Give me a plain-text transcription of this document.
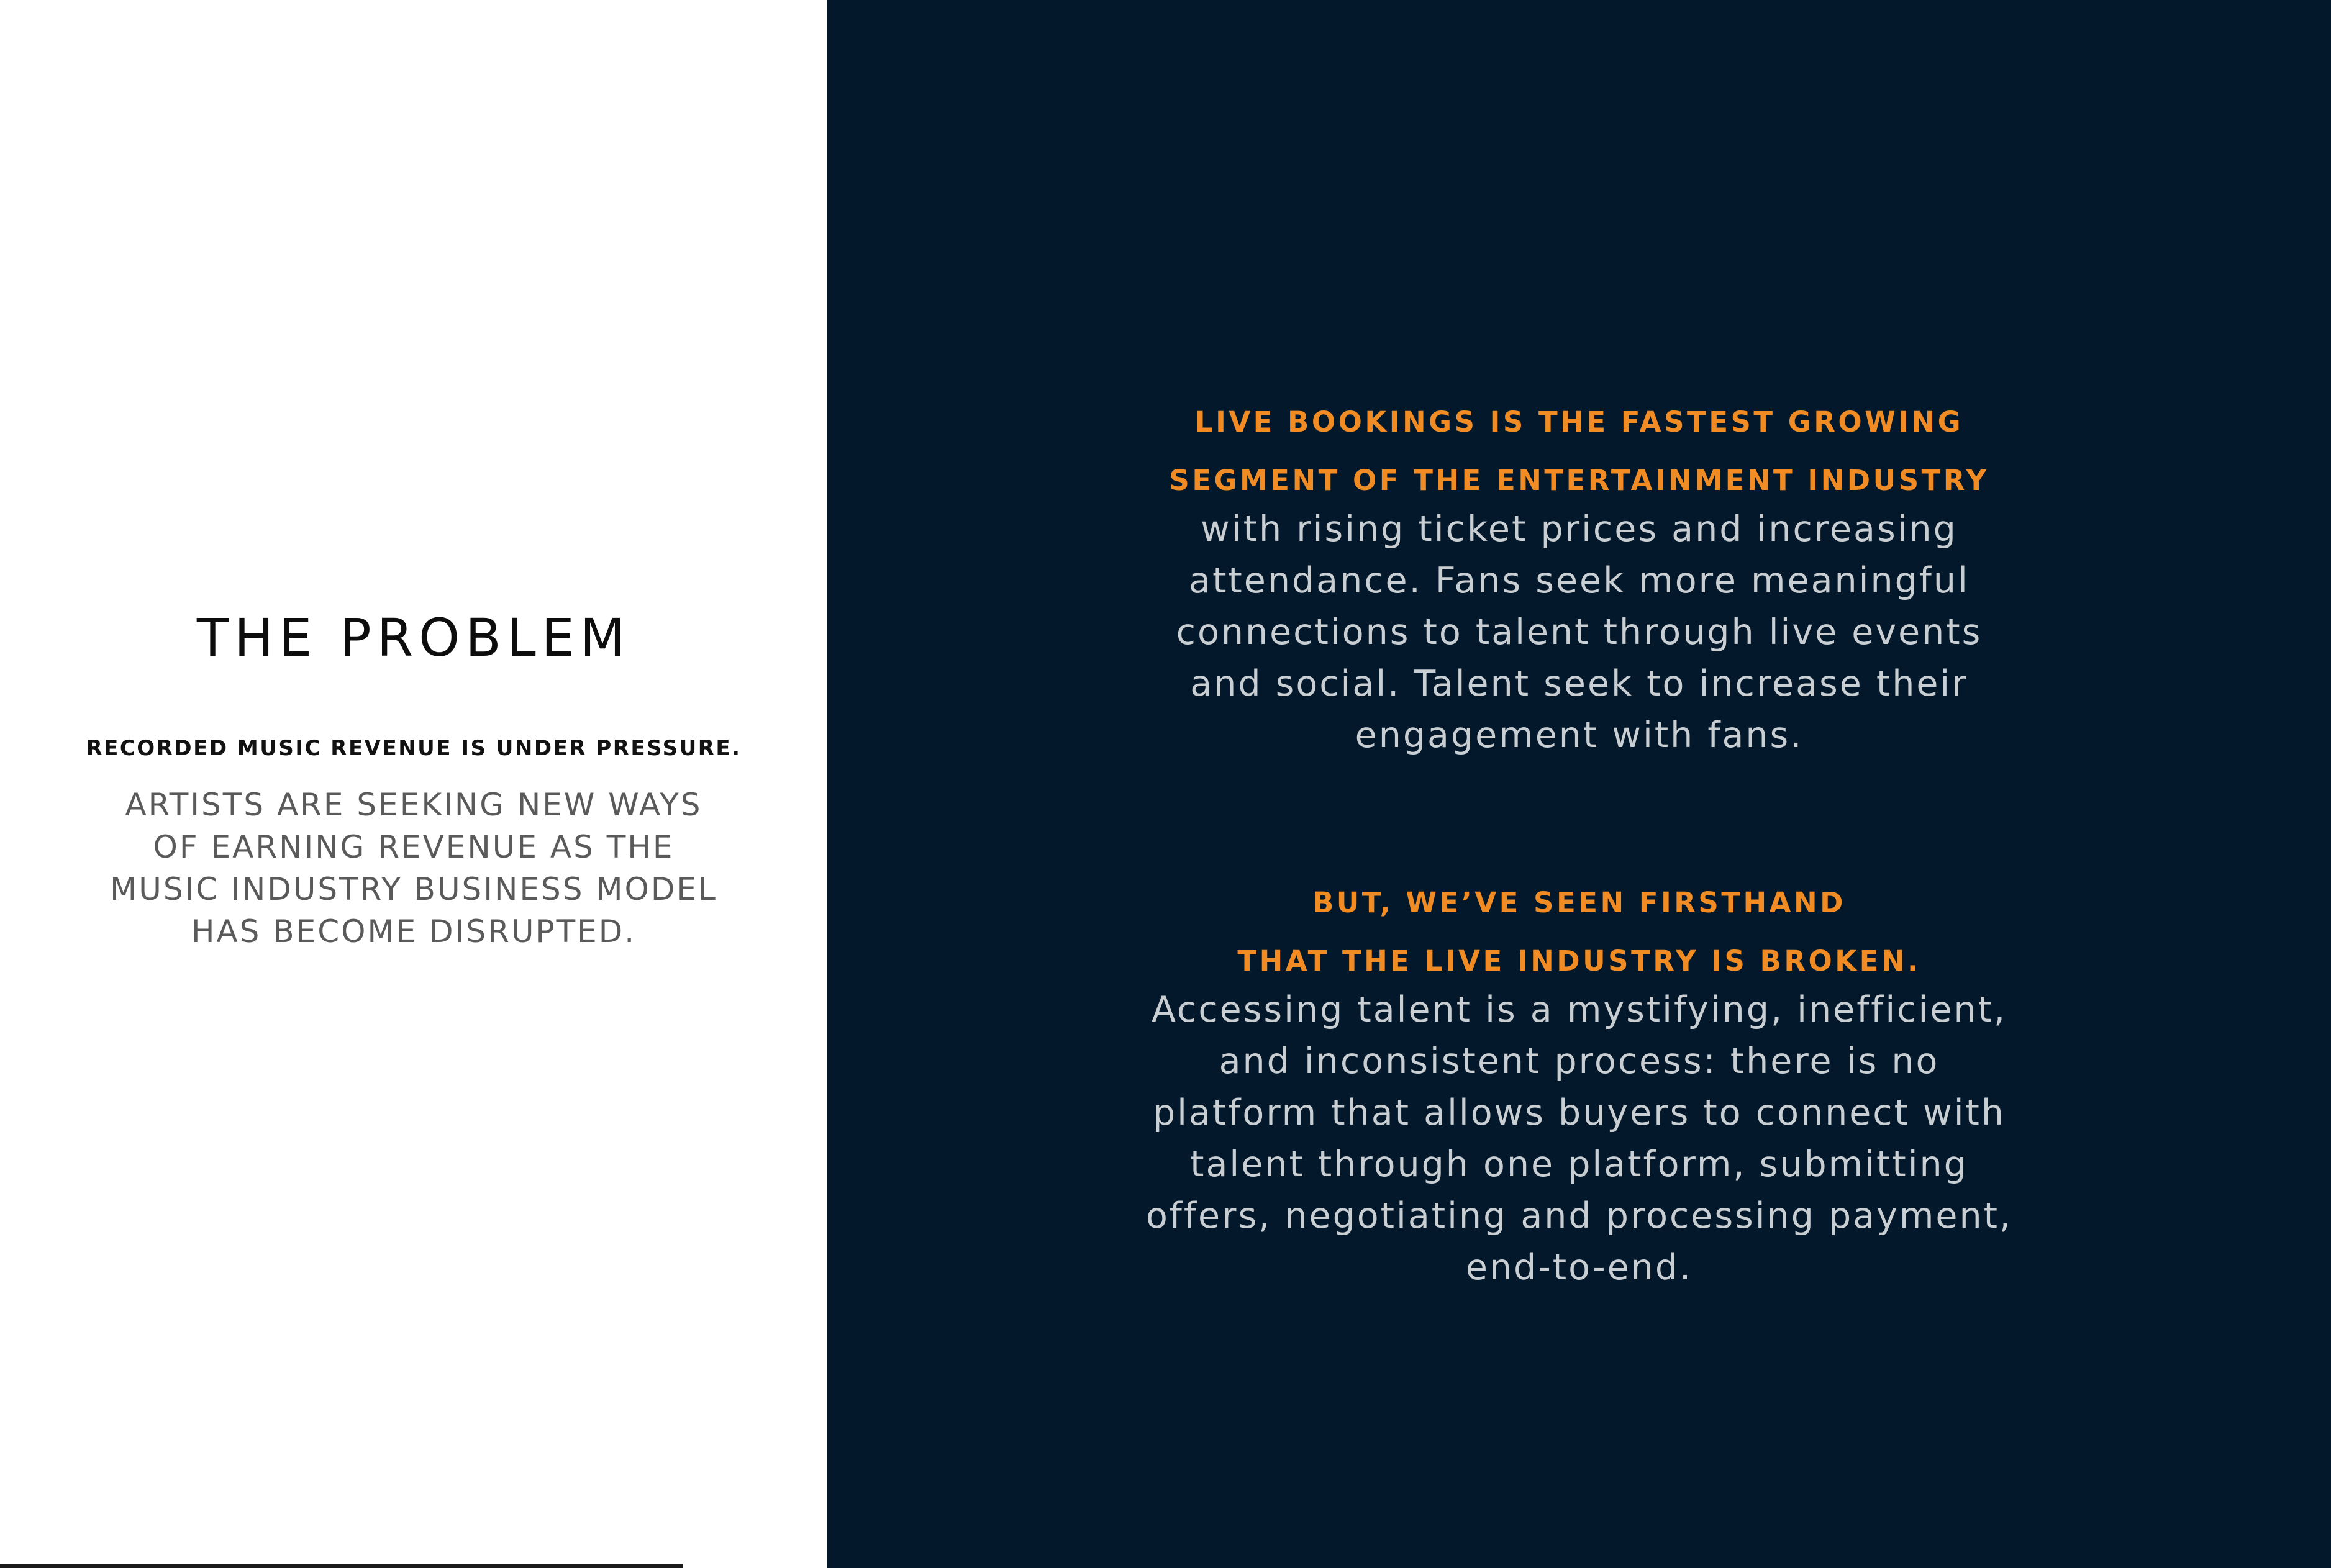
THE PROBLEM
RECORDED MUSIC REVENUE IS UNDER PRESSURE.
ARTISTS ARE SEEKING NEW WAYS OF EARNING REVENUE AS THE MUSIC INDUSTRY BUSINESS MODEL HAS BECOME DISRUPTED.
LIVE BOOKINGS IS THE FASTEST GROWING
SEGMENT OF THE ENTERTAINMENT INDUSTRY
with rising ticket prices and increasing attendance. Fans seek more meaningful connections to talent through live events and social. Talent seek to increase their engagement with fans.
BUT, WE’VE SEEN FIRSTHAND
THAT THE LIVE INDUSTRY IS BROKEN.
Accessing talent is a mystifying, inefficient, and inconsistent process: there is no platform that allows buyers to connect with talent through one platform, submitting offers, negotiating and processing payment, end-to-end.
